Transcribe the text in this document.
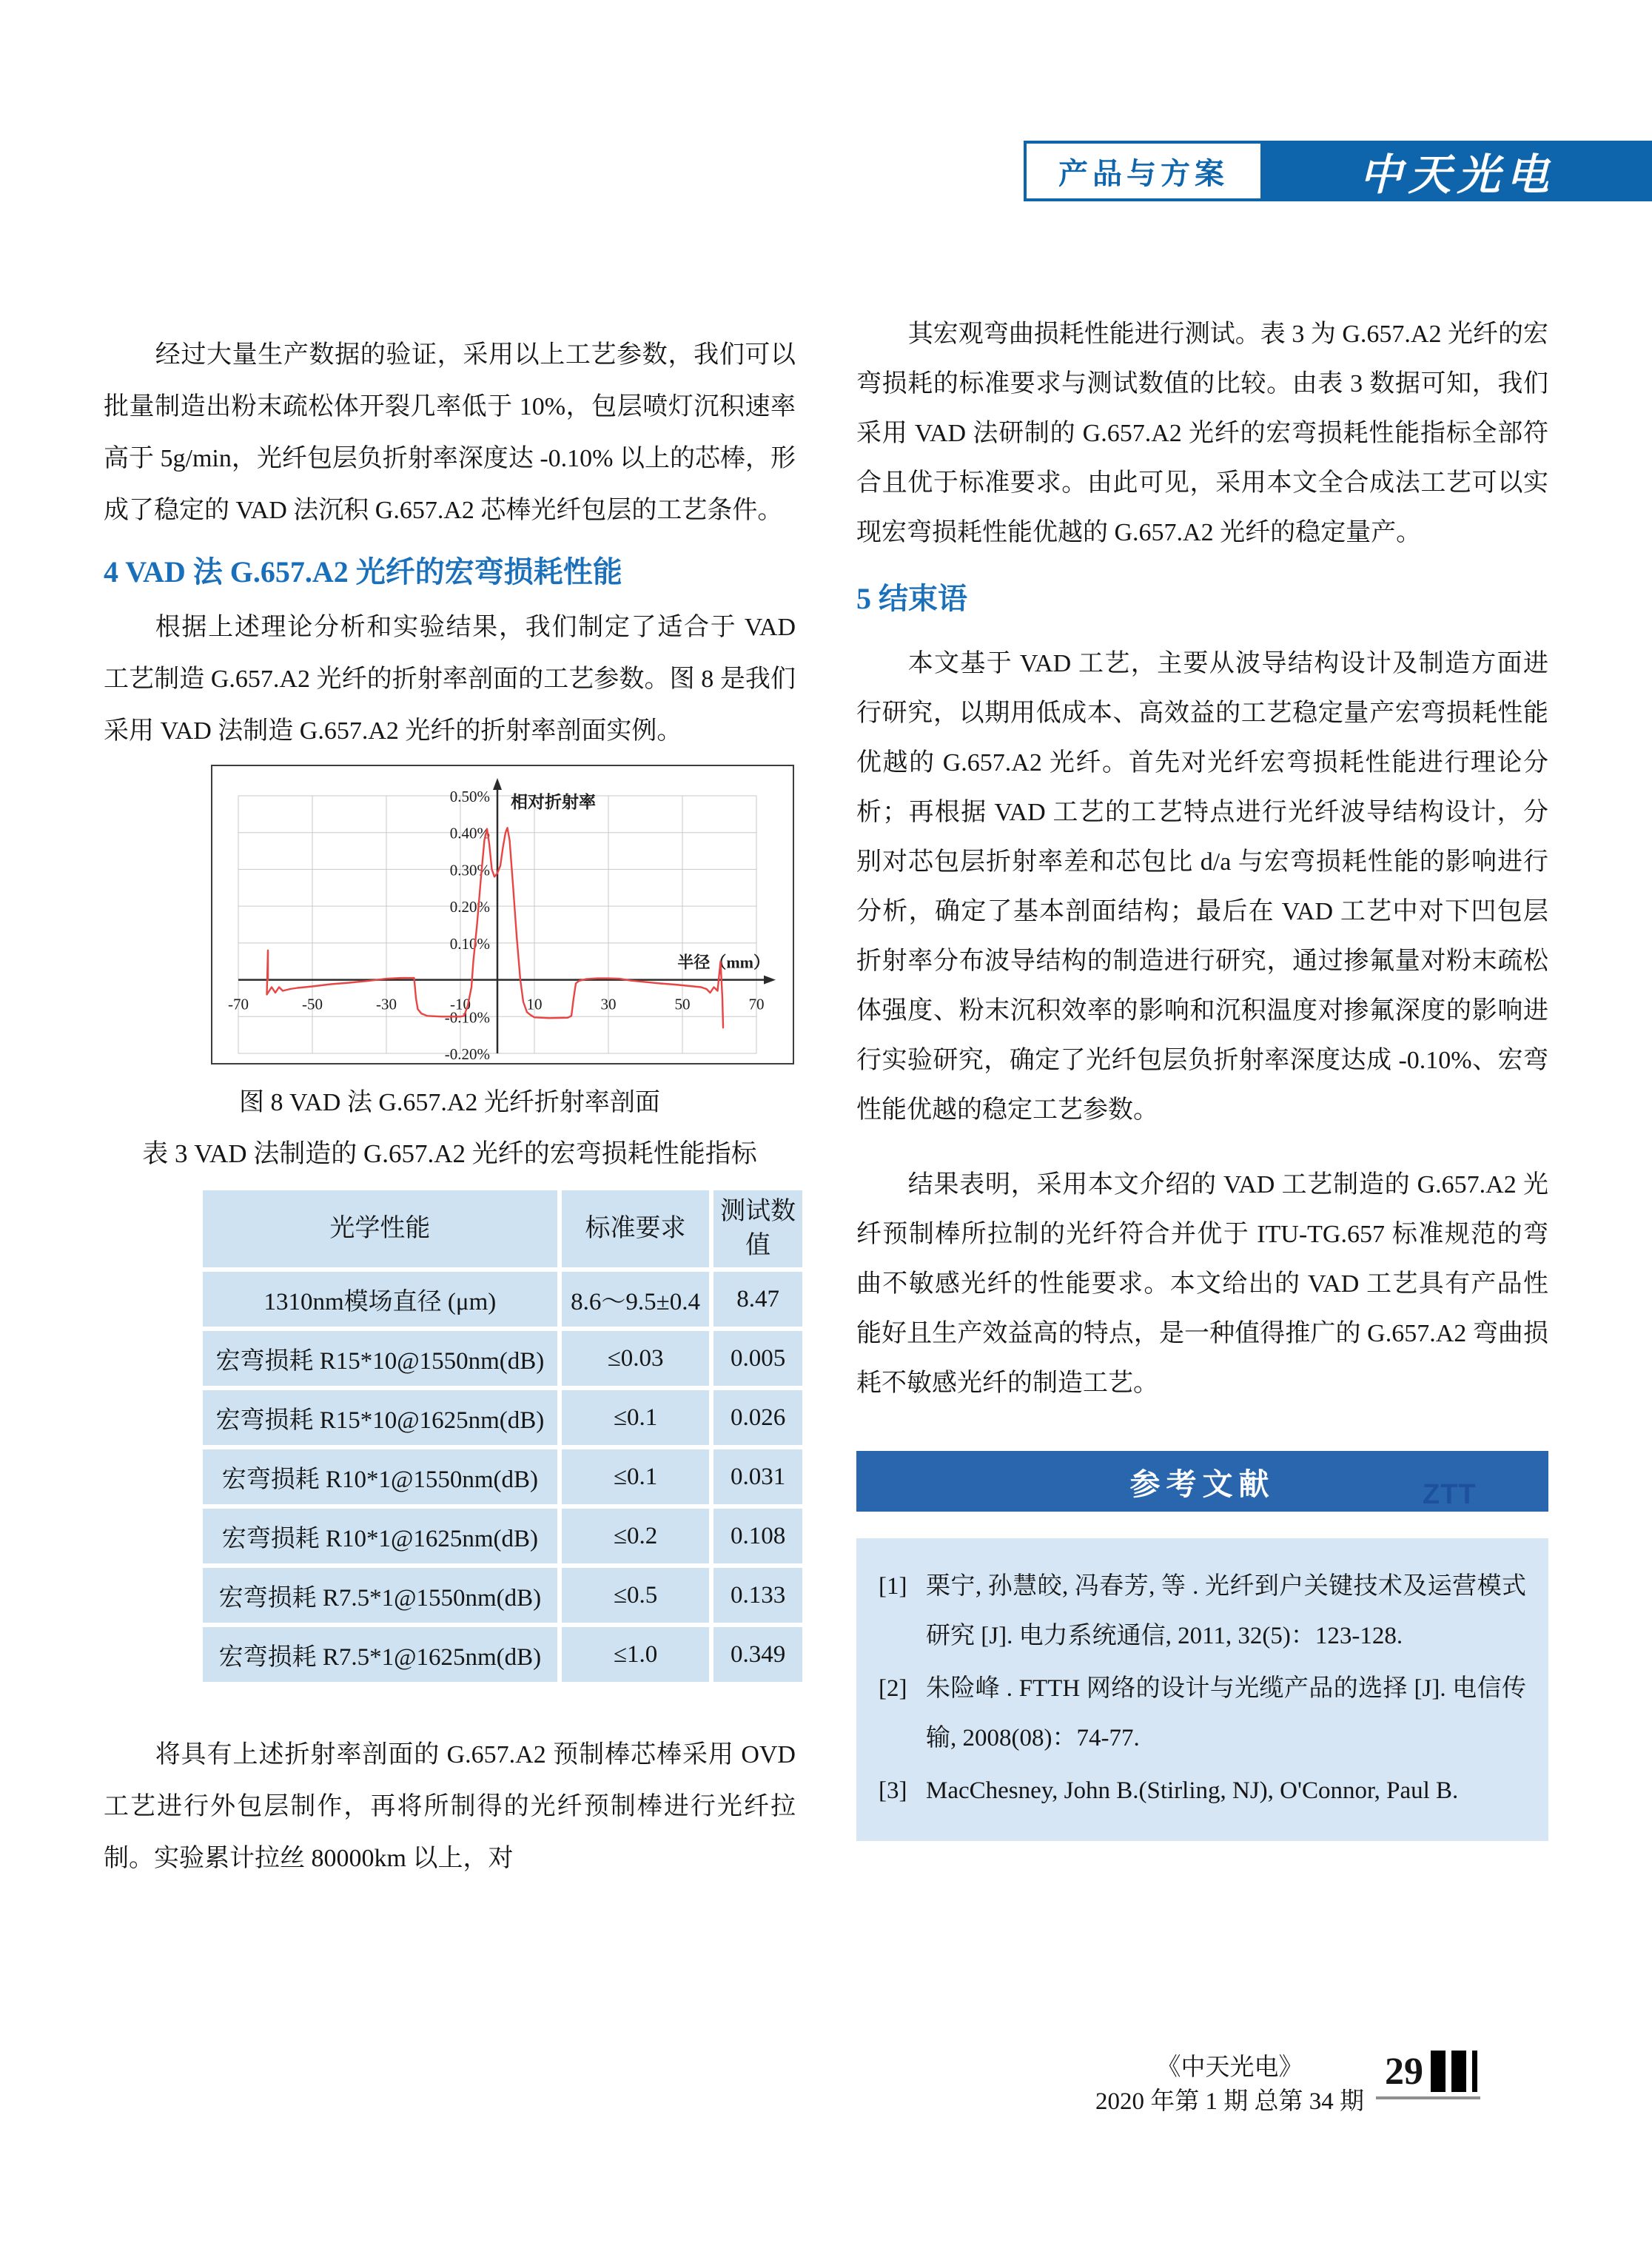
产品与方案	中天光电

经过大量生产数据的验证，采用以上工艺参数，我们可以批量制造出粉末疏松体开裂几率低于 10%，包层喷灯沉积速率高于 5g/min，光纤包层负折射率深度达 -0.10% 以上的芯棒，形成了稳定的 VAD 法沉积 G.657.A2 芯棒光纤包层的工艺条件。

4 VAD 法 G.657.A2 光纤的宏弯损耗性能

根据上述理论分析和实验结果，我们制定了适合于 VAD 工艺制造 G.657.A2 光纤的折射率剖面的工艺参数。图 8 是我们采用 VAD 法制造 G.657.A2 光纤的折射率剖面实例。

0.50%
0.40%
0.30%
0.20%
0.10%
-0.10%
-0.20%
-70	-50	-30	-10	10	30	50	70
相对折射率
半径（mm）
图 8 VAD 法 G.657.A2 光纤折射率剖面
表 3 VAD 法制造的 G.657.A2 光纤的宏弯损耗性能指标
光学性能	标准要求	测试数值
1310nm模场直径 (μm)	8.6～9.5±0.4	8.47
宏弯损耗 R15*10@1550nm(dB)	≤0.03	0.005
宏弯损耗 R15*10@1625nm(dB)	≤0.1	0.026
宏弯损耗 R10*1@1550nm(dB)	≤0.1	0.031
宏弯损耗 R10*1@1625nm(dB)	≤0.2	0.108
宏弯损耗 R7.5*1@1550nm(dB)	≤0.5	0.133
宏弯损耗 R7.5*1@1625nm(dB)	≤1.0	0.349

将具有上述折射率剖面的 G.657.A2 预制棒芯棒采用 OVD 工艺进行外包层制作，再将所制得的光纤预制棒进行光纤拉制。实验累计拉丝 80000km 以上，对

其宏观弯曲损耗性能进行测试。表 3 为 G.657.A2 光纤的宏弯损耗的标准要求与测试数值的比较。由表 3 数据可知，我们采用 VAD 法研制的 G.657.A2 光纤的宏弯损耗性能指标全部符合且优于标准要求。由此可见，采用本文全合成法工艺可以实现宏弯损耗性能优越的 G.657.A2 光纤的稳定量产。

5 结束语

本文基于 VAD 工艺，主要从波导结构设计及制造方面进行研究，以期用低成本、高效益的工艺稳定量产宏弯损耗性能优越的 G.657.A2 光纤。首先对光纤宏弯损耗性能进行理论分析；再根据 VAD 工艺的工艺特点进行光纤波导结构设计，分别对芯包层折射率差和芯包比 d/a 与宏弯损耗性能的影响进行分析，确定了基本剖面结构；最后在 VAD 工艺中对下凹包层折射率分布波导结构的制造进行研究，通过掺氟量对粉末疏松体强度、粉末沉积效率的影响和沉积温度对掺氟深度的影响进行实验研究，确定了光纤包层负折射率深度达成 -0.10%、宏弯性能优越的稳定工艺参数。

结果表明，采用本文介绍的 VAD 工艺制造的 G.657.A2 光纤预制棒所拉制的光纤符合并优于 ITU-TG.657 标准规范的弯曲不敏感光纤的性能要求。本文给出的 VAD 工艺具有产品性能好且生产效益高的特点，是一种值得推广的 G.657.A2 弯曲损耗不敏感光纤的制造工艺。

参考文献
[1] 栗宁, 孙慧皎, 冯春芳, 等 . 光纤到户关键技术及运营模式研究 [J]. 电力系统通信, 2011, 32(5)：123-128.
[2] 朱险峰 . FTTH 网络的设计与光缆产品的选择 [J]. 电信传输, 2008(08)：74-77.
[3] MacChesney, John B.(Stirling, NJ), O'Connor, Paul B.
ZTT
《中天光电》
2020 年第 1 期 总第 34 期
29
